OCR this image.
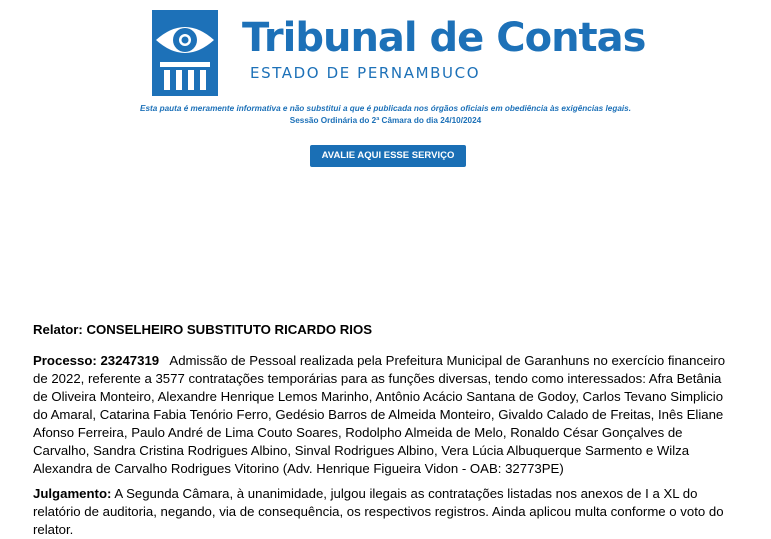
Tribunal de Contas
ESTADO DE PERNAMBUCO
Esta pauta é meramente informativa e não substitui a que é publicada nos órgãos oficiais em obediência às exigências legais.
Sessão Ordinária do 2ª Câmara do dia 24/10/2024
AVALIE AQUI ESSE SERVIÇO
Relator: CONSELHEIRO SUBSTITUTO RICARDO RIOS
Processo: 23247319 Admissão de Pessoal realizada pela Prefeitura Municipal de Garanhuns no exercício financeiro
de 2022, referente a 3577 contratações temporárias para as funções diversas, tendo como interessados: Afra Betânia
de Oliveira Monteiro, Alexandre Henrique Lemos Marinho, Antônio Acácio Santana de Godoy, Carlos Tevano Simplicio
do Amaral, Catarina Fabia Tenório Ferro, Gedésio Barros de Almeida Monteiro, Givaldo Calado de Freitas, Inês Eliane
Afonso Ferreira, Paulo André de Lima Couto Soares, Rodolpho Almeida de Melo, Ronaldo César Gonçalves de
Carvalho, Sandra Cristina Rodrigues Albino, Sinval Rodrigues Albino, Vera Lúcia Albuquerque Sarmento e Wilza
Alexandra de Carvalho Rodrigues Vitorino (Adv. Henrique Figueira Vidon - OAB: 32773PE)
Julgamento: A Segunda Câmara, à unanimidade, julgou ilegais as contratações listadas nos anexos de I a XL do
relatório de auditoria, negando, via de consequência, os respectivos registros. Ainda aplicou multa conforme o voto do
relator.
